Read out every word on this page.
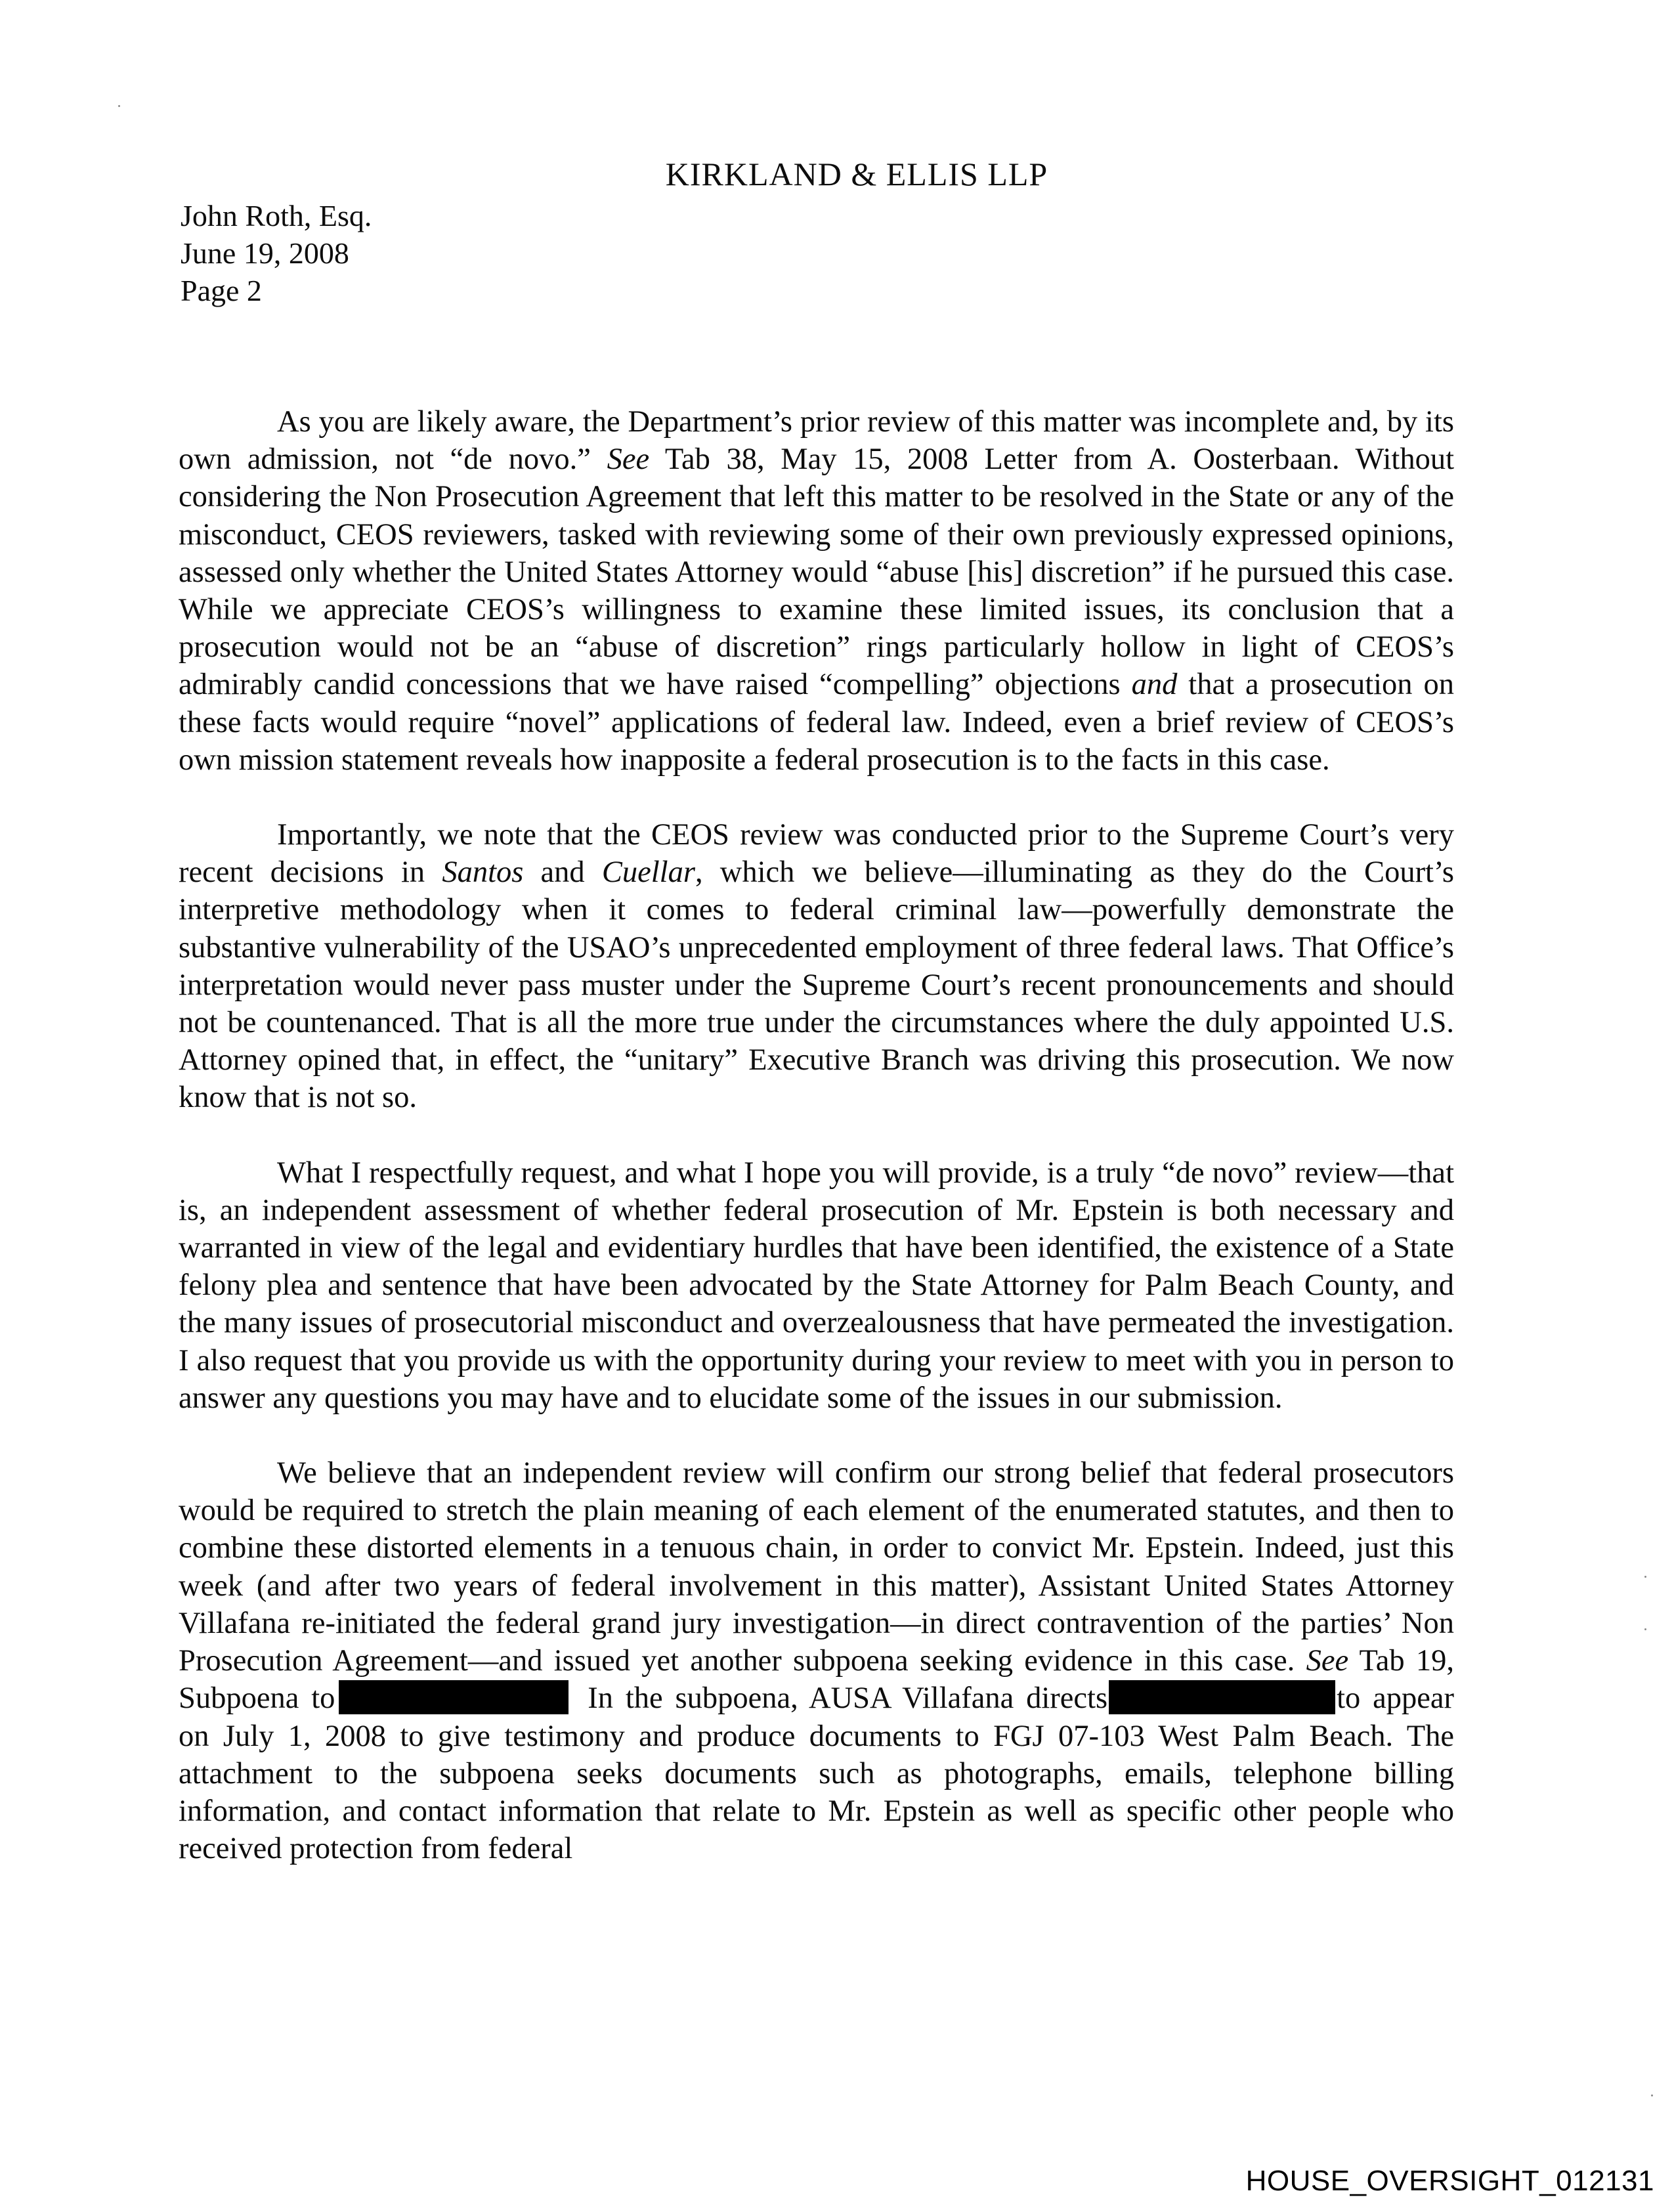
KIRKLAND & ELLIS LLP
John Roth, Esq.
June 19, 2008
Page 2

As you are likely aware, the Department’s prior review of this matter was incomplete and, by its own admission, not “de novo.” See Tab 38, May 15, 2008 Letter from A. Oosterbaan. Without considering the Non Prosecution Agreement that left this matter to be resolved in the State or any of the misconduct, CEOS reviewers, tasked with reviewing some of their own previously expressed opinions, assessed only whether the United States Attorney would “abuse [his] discretion” if he pursued this case. While we appreciate CEOS’s willingness to examine these limited issues, its conclusion that a prosecution would not be an “abuse of discretion” rings particularly hollow in light of CEOS’s admirably candid concessions that we have raised “compelling” objections and that a prosecution on these facts would require “novel” applications of federal law. Indeed, even a brief review of CEOS’s own mission statement reveals how inapposite a federal prosecution is to the facts in this case.

Importantly, we note that the CEOS review was conducted prior to the Supreme Court’s very recent decisions in Santos and Cuellar, which we believe—illuminating as they do the Court’s interpretive methodology when it comes to federal criminal law—powerfully demonstrate the substantive vulnerability of the USAO’s unprecedented employment of three federal laws. That Office’s interpretation would never pass muster under the Supreme Court’s recent pronouncements and should not be countenanced. That is all the more true under the circumstances where the duly appointed U.S. Attorney opined that, in effect, the “unitary” Executive Branch was driving this prosecution. We now know that is not so.

What I respectfully request, and what I hope you will provide, is a truly “de novo” review—that is, an independent assessment of whether federal prosecution of Mr. Epstein is both necessary and warranted in view of the legal and evidentiary hurdles that have been identified, the existence of a State felony plea and sentence that have been advocated by the State Attorney for Palm Beach County, and the many issues of prosecutorial misconduct and overzealousness that have permeated the investigation. I also request that you provide us with the opportunity during your review to meet with you in person to answer any questions you may have and to elucidate some of the issues in our submission.

We believe that an independent review will confirm our strong belief that federal prosecutors would be required to stretch the plain meaning of each element of the enumerated statutes, and then to combine these distorted elements in a tenuous chain, in order to convict Mr. Epstein. Indeed, just this week (and after two years of federal involvement in this matter), Assistant United States Attorney Villafana re-initiated the federal grand jury investigation—in direct contravention of the parties’ Non Prosecution Agreement—and issued yet another subpoena seeking evidence in this case. See Tab 19, Subpoena to	In the subpoena, AUSA Villafana directs	to appear on July 1, 2008 to give testimony and produce documents to FGJ 07-103 West Palm Beach. The attachment to the subpoena seeks documents such as photographs, emails, telephone billing information, and contact information that relate to Mr. Epstein as well as specific other people who received protection from federal

HOUSE_OVERSIGHT_012131
